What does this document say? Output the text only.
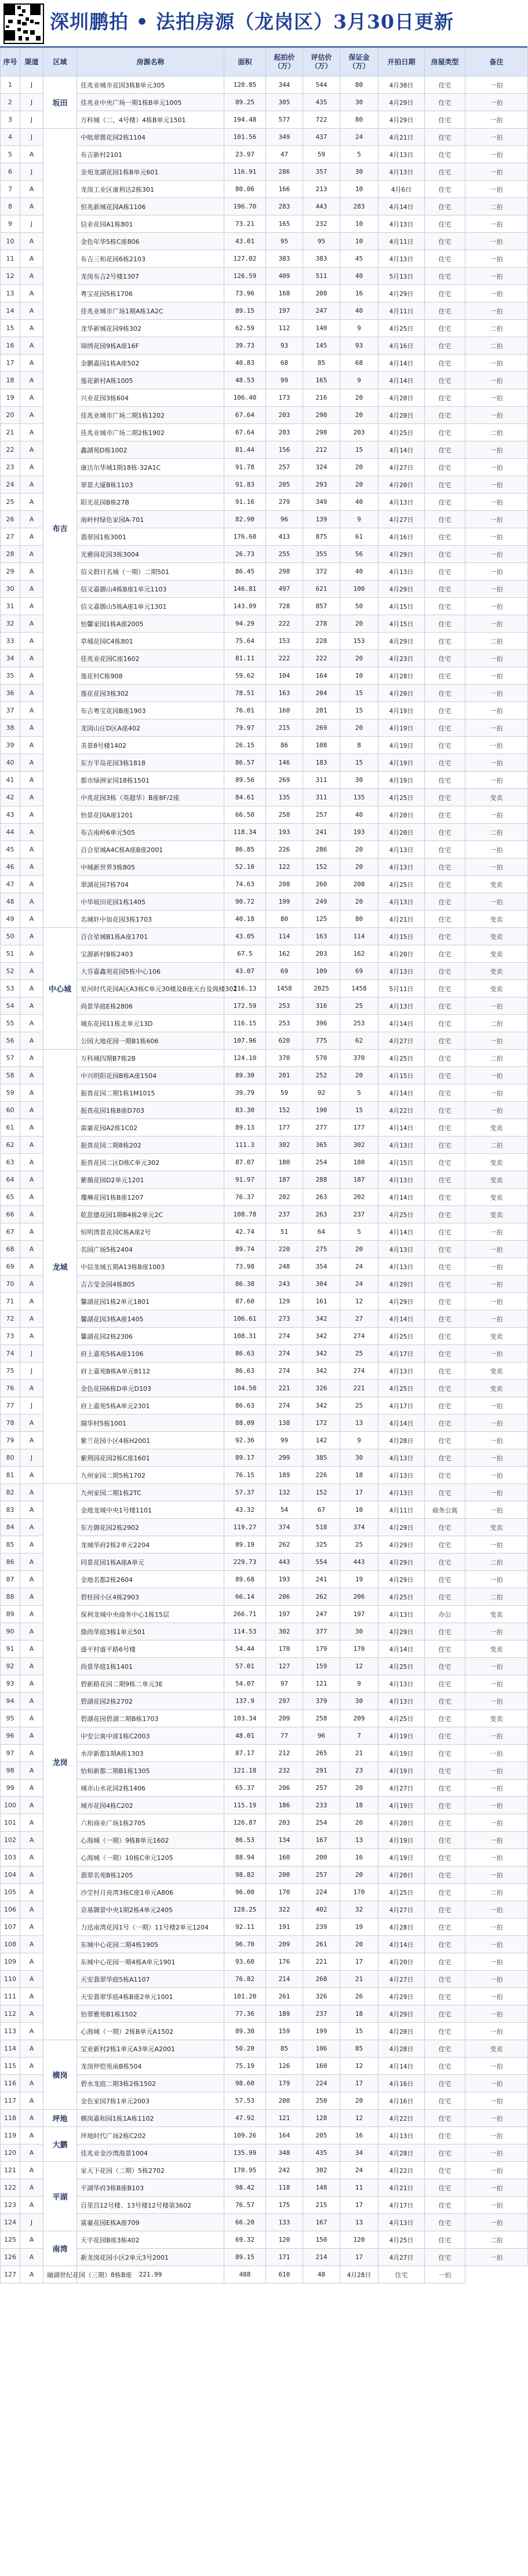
深圳鹏拍 • 法拍房源（龙岗区）3月30日更新
序号	渠道	区域	房源名称	面积	起拍价（万）	评估价（万）	保证金（万）	开拍日期	房屋类型	备注
1	J	坂田	佳兆业城市花园3栋B单元305	120.85	344	544	80	4月30日	住宅	一拍
2	J		佳兆业中央广场一期1栋B单元1005	89.25	305	435	30	4月29日	住宅	一拍
3	J		万科城（二、4号楼）4栋B单元1501	194.48	577	722	80	4月29日	住宅	一拍
4	J	布吉	中航翠微花园2栋1104	101.56	349	437	24	4月21日	住宅	一拍
5	A		布吉新村2101	23.97	47	59	5	4月13日	住宅	一拍
6	J		金苑龙湖花园1栋B单元601	116.91	286	357	30	4月13日	住宅	一拍
7	A		龙岗工业区康利达2栋301	80.06	166	213	10	4月6日	住宅	一拍
8	A		恒兆新城花园A栋1106	196.70	283	443	283	4月14日	住宅	二拍
9	J		信业花园A1栋801	73.21	165	232	10	4月13日	住宅	一拍
10	A		金色年华5栋C座806	43.01	95	95	10	4月11日	住宅	一拍
11	A		布吉三和花园6栋2103	127.02	383	383	45	4月13日	住宅	一拍
12	A		龙岗布吉2号楼1307	126.59	409	511	40	5月13日	住宅	一拍
13	A		粤宝花园5栋1706	73.96	168	208	16	4月29日	住宅	一拍
14	A		佳兆业城市广场1期A栋1A2C	89.15	197	247	40	4月11日	住宅	一拍
15	A		龙华新城花园9栋302	62.59	112	140	9	4月25日	住宅	二拍
16	A		锦绣花园9栋A座16F	39.73	93	145	93	4月16日	住宅	二拍
17	A		金鹏嘉园1栋A座502	40.83	68	85	68	4月14日	住宅	一拍
18	A		莲花新村A栋1005	48.53	99	165	9	4月14日	住宅	一拍
19	A		兴业花园3栋604	106.40	173	216	20	4月20日	住宅	一拍
20	A		佳兆业城市广场二期1栋1202	67.64	203	290	20	4月20日	住宅	一拍
21	A		佳兆业城市广场二期2栋1902	67.64	203	290	203	4月25日	住宅	二拍
22	A		鑫湖苑D栋1002	81.44	156	212	15	4月14日	住宅	一拍
23	A		康达尔华城1期18栋-32A1C	91.78	257	324	20	4月27日	住宅	一拍
24	A		翠景大厦B栋1103	91.83	205	293	20	4月20日	住宅	一拍
25	A		阳光花园B栋27B	91.16	279	349	40	4月13日	住宅	一拍
26	A		南岭村绿色家园A-701	82.90	96	139	9	4月27日	住宅	一拍
27	A		翡翠园1栋3001	176.60	413	875	61	4月16日	住宅	一拍
28	A		光雅园花园3栋3004	26.73	255	355	56	4月29日	住宅	一拍
29	A		信义假日名城（一期）二期501	86.45	298	372	40	4月13日	住宅	一拍
30	A		信义嘉御山4栋B座1单元1103	146.81	497	621	100	4月29日	住宅	一拍
31	A		信义嘉御山5栋A座1单元1301	143.09	728	857	50	4月15日	住宅	一拍
32	A		怡馨家园1栋A座2005	94.29	222	278	20	4月15日	住宅	一拍
33	A		草埔花园C4栋801	75.64	153	228	153	4月29日	住宅	二拍
34	A		佳兆业花园C座1602	81.11	222	222	20	4月23日	住宅	一拍
35	A		莲花村C栋908	59.62	104	164	10	4月28日	住宅	一拍
36	A		莲花花园3栋302	78.51	163	204	15	4月20日	住宅	一拍
37	A		布吉粤宝花园B座1903	76.01	160	201	15	4月19日	住宅	一拍
38	A		龙园山庄D区A座402	79.97	215	269	20	4月19日	住宅	一拍
39	A		美景8号楼1402	26.15	86	108	8	4月19日	住宅	一拍
40	A		东方半岛花园3栋1818	86.57	146	183	15	4月19日	住宅	一拍
41	A		都市绿洲家园18栋1501	89.56	269	311	30	4月19日	住宅	一拍
42	A		中兆花园3栋（英超华）B座8F/2座	84.61	135	311	135	4月25日	住宅	变卖
43	A		怡景花园A座1201	66.50	258	257	40	4月20日	住宅	一拍
44	A		布吉南岭6单元505	118.34	193	241	193	4月20日	住宅	二拍
45	A		百合星城A4C栋A座B座2001	86.85	226	286	20	4月13日	住宅	一拍
46	A		中城新世界3栋805	52.10	122	152	20	4月13日	住宅	一拍
47	A		翠湖花园7栋704	74.63	208	260	208	4月25日	住宅	变卖
48	A		中华坂田花园1栋1405	90.72	199	249	20	4月13日	住宅	一拍
49	A		名城轩中加花园3栋1703	40.18	80	125	80	4月21日	住宅	变卖
50	A	中心城	百合星城B1栋A座1701	43.05	114	163	114	4月15日	住宅	变卖
51	A		宝源新村B栋2403	67.5	162	203	162	4月20日	住宅	变卖
52	A		大芬嘉鑫苑花园5栋中心106	43.07	69	109	69	4月13日	住宅	变卖
53	A		星河时代花园A区A3栋C单元30楼及B座天台及阁楼301	216.13	1458	2025	1458	5月11日	住宅	变卖
54	A		尚景华庭E栋2806	172.59	253	316	25	4月13日	住宅	一拍
55	A		城东花园11栋北单元13D	116.15	253	396	253	4月14日	住宅	二拍
56	A		公园大地花园一期B1栋606	107.96	620	775	62	4月27日	住宅	一拍
57	A	龙城	万科城四期B7栋2B	124.10	370	570	370	4月25日	住宅	二拍
58	A		中兴明阳花园B栋A座1504	89.30	201	252	20	4月15日	住宅	一拍
59	A		振贵花园二期1栋1M1015	39.79	59	92	5	4月14日	住宅	一拍
60	A		振贵花园1栋B座D703	83.30	152	190	15	4月22日	住宅	一拍
61	A		富豪花园A2栋1C02	89.13	177	277	177	4月14日	住宅	变卖
62	A		振贵花园二期8栋202	111.3	302	365	302	4月13日	住宅	二拍
63	A		振贵花园二区D栋C单元302	87.07	180	254	180	4月15日	住宅	变卖
64	A		紫薇花园D2单元1201	91.97	187	288	187	4月13日	住宅	变卖
65	A		瓊琳花园1栋B座1207	76.37	202	263	202	4月14日	住宅	变卖
66	A		乾思德花园1期B4栋2单元2C	108.78	237	263	237	4月25日	住宅	变卖
67	A		恒明湾景花园C栋A座2号	42.74	51	64	5	4月14日	住宅	一拍
68	A		名园广场5栋2404	89.74	220	275	20	4月13日	住宅	一拍
69	A		中信龙城五期A13栋B座1003	73.98	248	354	24	4月13日	住宅	一拍
70	A		吉吉莹金园4栋805	86.38	243	304	24	4月29日	住宅	一拍
71	A		馨湖花园1栋2单元1801	87.60	129	161	12	4月29日	住宅	一拍
72	A		馨湖花园3栋A座1405	106.61	273	342	27	4月14日	住宅	一拍
73	A		馨湖花园2栋2306	108.31	274	342	274	4月25日	住宅	变卖
74	J		府上嘉苑5栋A座1106	86.63	274	342	25	4月17日	住宅	一拍
75	J		府上嘉苑B栋A单元8112	86.63	274	342	274	4月13日	住宅	变卖
76	A		金色花园6栋D单元D103	104.50	221	326	221	4月25日	住宅	变卖
77	J		府上嘉苑5栋A单元2301	86.63	274	342	25	4月17日	住宅	一拍
78	A		瑞华村5栋1001	88.09	138	172	13	4月14日	住宅	一拍
79	A		紫兰花园小区4栋H2001	92.36	99	142	9	4月28日	住宅	一拍
80	J		紫荆园花园2栋C座1601	89.17	299	385	30	4月13日	住宅	一拍
81	A		九州家园二期5栋1702	76.15	189	226	18	4月13日	住宅	一拍
82	A	龙岗	九州家园二期1栋2TC	57.37	132	152	17	4月13日	住宅	一拍
83	A		金地龙城中央1号楼1101	43.32	54	67	10	4月11日	商务公寓	一拍
84	A		东方御花园2栋2902	119.27	374	518	374	4月29日	住宅	变卖
85	A		龙城华府2栋2单元2204	89.19	262	325	25	4月29日	住宅	一拍
86	A		同景花园1栋A座A单元	229.73	443	554	443	4月29日	住宅	二拍
87	A		金地名都2栋2604	89.68	193	241	19	4月29日	住宅	一拍
88	A		碧桂园小区4栋2903	66.14	206	262	206	4月25日	住宅	二拍
89	A		保利龙城中央商务中心1栋15层	266.71	197	247	197	4月13日	办公	变卖
90	A		鼎尚华庭3栋1单元501	114.53	302	377	30	4月29日	住宅	一拍
91	A		盛平村盛平路6号楼	54.44	170	179	170	4月14日	住宅	变卖
92	A		尚景华庭1栋1401	57.01	127	159	12	4月25日	住宅	一拍
93	A		碧新路花园二期9栋二单元3E	54.07	97	121	9	4月13日	住宅	一拍
94	A		碧湖花园2栋2702	137.9	297	379	30	4月13日	住宅	一拍
95	A		碧湖花园碧湖二期B栋1703	103.34	209	258	209	4月25日	住宅	变卖
96	A		中安公寓中座1栋C2003	48.01	77	96	7	4月19日	住宅	一拍
97	A		水岸新都1期A栋1303	87.17	212	265	21	4月19日	住宅	一拍
98	A		怡和新都二期B1栋1305	121.18	232	291	23	4月19日	住宅	一拍
99	A		城市山水花园2栋1406	65.37	206	257	20	4月27日	住宅	一拍
100	A		城市花园4栋C202	115.19	186	233	18	4月19日	住宅	一拍
101	A		六和商业广场1栋2705	126.87	203	254	20	4月20日	住宅	一拍
102	A		心海城（一期）9栋B单元1602	86.53	134	167	13	4月19日	住宅	一拍
103	A		心海城（一期）10栋C单元1205	88.94	160	200	16	4月19日	住宅	一拍
104	A		翡翠名苑B栋1205	98.82	200	257	20	4月20日	住宅	一拍
105	A		沙坣村月亮湾3栋C座1单元A806	96.00	170	224	170	4月25日	住宅	二拍
106	A		京基御景中央1期2栋4单元2405	128.25	322	402	32	4月27日	住宅	一拍
107	A		力迅南湾花园1号（一期）11号楼2单元1204	92.11	191	239	19	4月28日	住宅	一拍
108	A		东城中心花园二期4栋1905	96.70	209	261	20	4月14日	住宅	一拍
109	A		东城中心花园一期4栋A单元1901	93.60	176	221	17	4月20日	住宅	一拍
110	A		天安翡翠华庭5栋A1107	76.82	214	268	21	4月27日	住宅	一拍
111	A		天安翡翠华庭4栋B座2单元1001	101.20	261	326	26	4月29日	住宅	一拍
112	A		怡翠雅苑B1栋1502	77.36	189	237	18	4月29日	住宅	一拍
113	A		心海城（一期）2栋B单元A1502	89.30	159	199	15	4月20日	住宅	一拍
114	A	横岗	宝业新村2栋1单元A3单元A2001	50.20	85	106	85	4月28日	住宅	变卖
115	A		龙岗仲恺苑南B栋504	75.19	126	160	12	4月14日	住宅	一拍
116	A		碧水龙庭二期3栋2栋1502	98.60	179	224	17	4月16日	住宅	一拍
117	A		金色家园7栋1单元2003	57.53	200	250	20	4月16日	住宅	一拍
118	A	坪地	横岗嘉和园1栋1A栋1102	47.92	121	128	12	4月22日	住宅	一拍
119	A	大鹏	坪地时代广场2栋C202	109.26	164	205	16	4月13日	住宅	一拍
120	A		佳兆业金沙湾海景1004	135.99	348	435	34	4月28日	住宅	一拍
121	A	平湖	家天下花园（二期）5栋2702	170.95	242	302	24	4月22日	住宅	一拍
122	A		平湖华府3栋B座B103	98.42	118	148	11	4月21日	住宅	一拍
123	A		百里昌12号楼、13号楼12号楼第3602	76.57	175	215	17	4月17日	住宅	一拍
124	J		富豪花园E栋A座709	66.20	133	167	13	4月13日	住宅	一拍
125	A	南湾	天宇花园B座3栋402	69.32	120	150	120	4月25日	住宅	二拍
126	A		新龙岗花园小区2单元3号2001	89.15	171	214	17	4月27日	住宅	一拍
127	A	融湖世纪花园（三期）8栋B座	221.99	488	610	48	4月28日	住宅	一拍	
